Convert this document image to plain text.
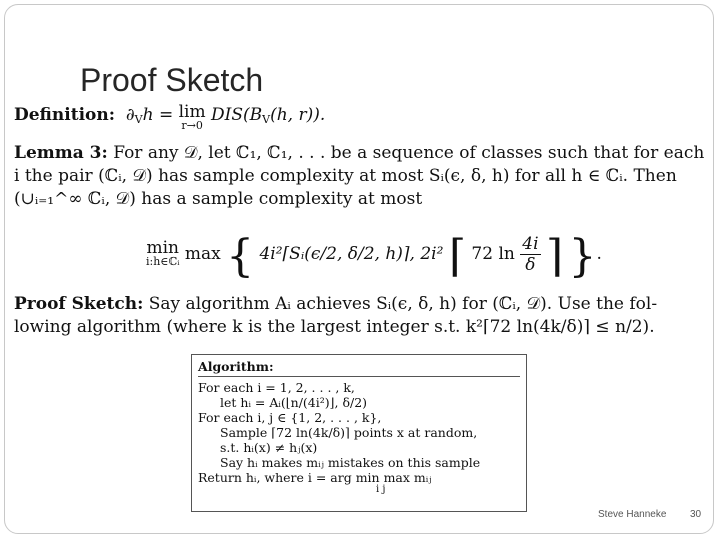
Proof Sketch
Definition: $\partial_Vh = \lim$
r→0
$DIS(B_V(h$, r)).
Lemma 3: For any 𝒟, let ℂ₁, ℂ₁, . . . be a sequence of classes such that for each
i the pair (ℂᵢ, 𝒟) has sample complexity at most Sᵢ(ϵ, δ, h) for all h ∈ ℂᵢ. Then
(∪ᵢ₌₁^∞ ℂᵢ, 𝒟) has a sample complexity at most
min
i:h∈ℂᵢ max { 4i²⌈Sᵢ(ϵ/2, δ/2, h)⌉, 2i² ⌈ 72 $\ln \frac{4i}{\delta}$ ⌉ }.
Proof Sketch: Say algorithm Aᵢ achieves Sᵢ(ϵ, δ, h) for (ℂᵢ, 𝒟). Use the fol-
lowing algorithm (where k is the largest integer s.t. k²⌈72 ln(4k/δ)⌉ ≤ n/2).
Algorithm:
For each i = 1, 2, . . . , k,
let hᵢ = Aᵢ(⌊n/(4i²)⌋, δ/2)
For each i, j ∈ {1, 2, . . . , k},
Sample ⌈72 ln(4k/δ)⌉ points x at random,
s.t. hᵢ(x) ≠ hⱼ(x)
Say hᵢ makes mᵢⱼ mistakes on this sample
Return hᵢ, where i = arg min max mᵢⱼ
i j
Steve Hanneke 30
